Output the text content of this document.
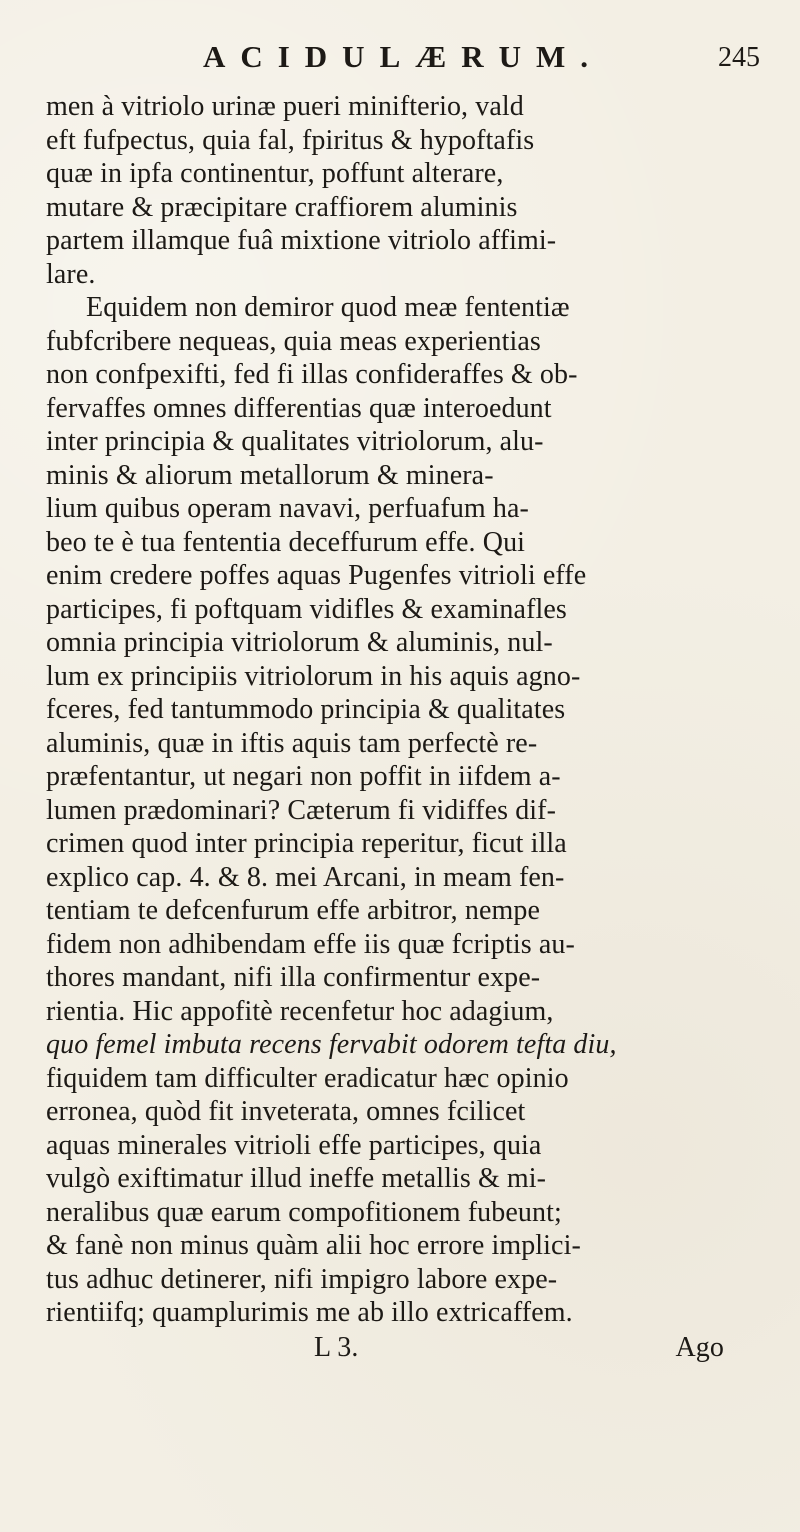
ACIDULÆRUM.	245
men à vitriolo urinæ pueri minifterio, vald
eft fufpectus, quia fal, fpiritus & hypoftafis
quæ in ipfa continentur, poffunt alterare,
mutare & præcipitare craffiorem aluminis
partem illamque fuâ mixtione vitriolo affimi-
lare.
Equidem non demiror quod meæ fententiæ
fubfcribere nequeas, quia meas experientias
non confpexifti, fed fi illas confideraffes & ob-
fervaffes omnes differentias quæ interoedunt
inter principia & qualitates vitriolorum, alu-
minis & aliorum metallorum & minera-
lium quibus operam navavi, perfuafum ha-
beo te è tua fententia deceffurum effe. Qui
enim credere poffes aquas Pugenfes vitrioli effe
participes, fi poftquam vidifles & examinafles
omnia principia vitriolorum & aluminis, nul-
lum ex principiis vitriolorum in his aquis agno-
fceres, fed tantummodo principia & qualitates
aluminis, quæ in iftis aquis tam perfectè re-
præfentantur, ut negari non poffit in iifdem a-
lumen prædominari? Cæterum fi vidiffes dif-
crimen quod inter principia reperitur, ficut illa
explico cap. 4. & 8. mei Arcani, in meam fen-
tentiam te defcenfurum effe arbitror, nempe
fidem non adhibendam effe iis quæ fcriptis au-
thores mandant, nifi illa confirmentur expe-
rientia. Hic appofitè recenfetur hoc adagium,
quo femel imbuta recens fervabit odorem tefta diu,
fiquidem tam difficulter eradicatur hæc opinio
erronea, quòd fit inveterata, omnes fcilicet
aquas minerales vitrioli effe participes, quia
vulgò exiftimatur illud ineffe metallis & mi-
neralibus quæ earum compofitionem fubeunt;
& fanè non minus quàm alii hoc errore implici-
tus adhuc detinerer, nifi impigro labore expe-
rientiifq; quamplurimis me ab illo extricaffem.
L 3.	Ago
